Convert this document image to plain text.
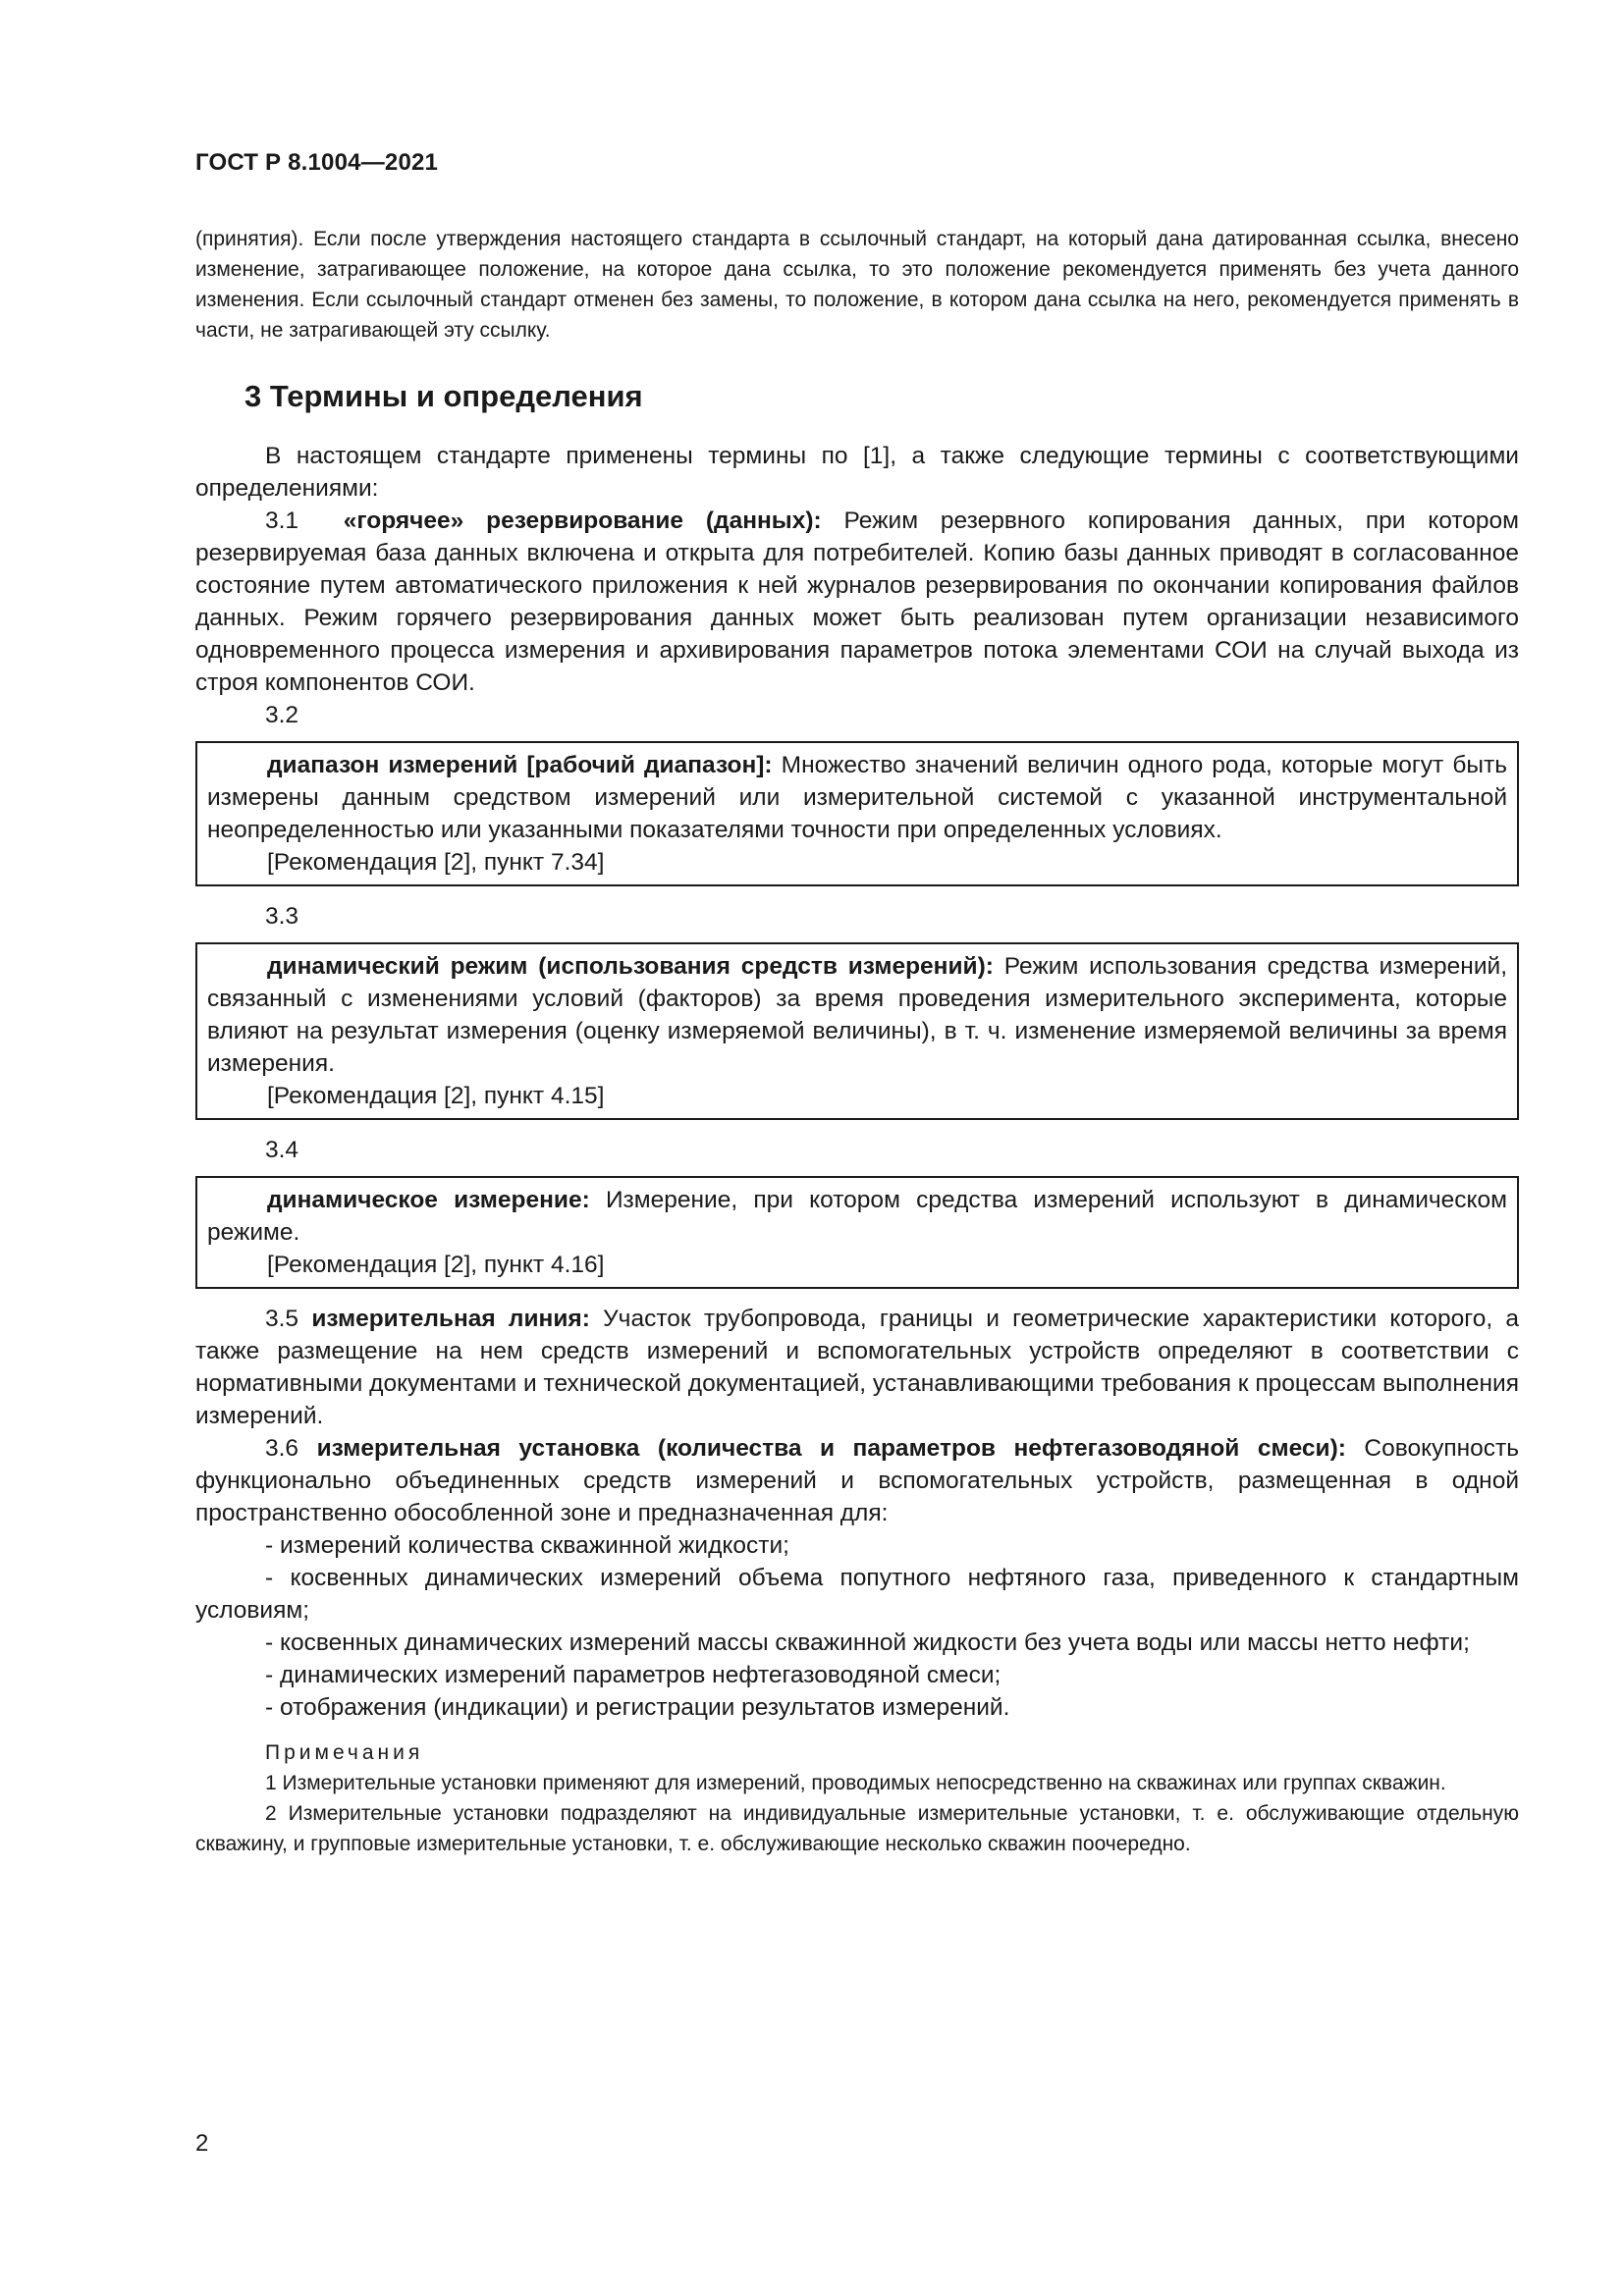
ГОСТ Р 8.1004—2021

(принятия). Если после утверждения настоящего стандарта в ссылочный стандарт, на который дана датированная ссылка, внесено изменение, затрагивающее положение, на которое дана ссылка, то это положение рекомендуется применять без учета данного изменения. Если ссылочный стандарт отменен без замены, то положение, в котором дана ссылка на него, рекомендуется применять в части, не затрагивающей эту ссылку.

3 Термины и определения

В настоящем стандарте применены термины по [1], а также следующие термины с соответствующими определениями:

3.1 «горячее» резервирование (данных): Режим резервного копирования данных, при котором резервируемая база данных включена и открыта для потребителей. Копию базы данных приводят в согласованное состояние путем автоматического приложения к ней журналов резервирования по окончании копирования файлов данных. Режим горячего резервирования данных может быть реализован путем организации независимого одновременного процесса измерения и архивирования параметров потока элементами СОИ на случай выхода из строя компонентов СОИ.

3.2

диапазон измерений [рабочий диапазон]: Множество значений величин одного рода, которые могут быть измерены данным средством измерений или измерительной системой с указанной инструментальной неопределенностью или указанными показателями точности при определенных условиях.

[Рекомендация [2], пункт 7.34]

3.3

динамический режим (использования средств измерений): Режим использования средства измерений, связанный с изменениями условий (факторов) за время проведения измерительного эксперимента, которые влияют на результат измерения (оценку измеряемой величины), в т. ч. изменение измеряемой величины за время измерения.

[Рекомендация [2], пункт 4.15]

3.4

динамическое измерение: Измерение, при котором средства измерений используют в динамическом режиме.

[Рекомендация [2], пункт 4.16]

3.5 измерительная линия: Участок трубопровода, границы и геометрические характеристики которого, а также размещение на нем средств измерений и вспомогательных устройств определяют в соответствии с нормативными документами и технической документацией, устанавливающими требования к процессам выполнения измерений.

3.6 измерительная установка (количества и параметров нефтегазоводяной смеси): Совокупность функционально объединенных средств измерений и вспомогательных устройств, размещенная в одной пространственно обособленной зоне и предназначенная для:

- измерений количества скважинной жидкости;

- косвенных динамических измерений объема попутного нефтяного газа, приведенного к стандартным условиям;

- косвенных динамических измерений массы скважинной жидкости без учета воды или массы нетто нефти;

- динамических измерений параметров нефтегазоводяной смеси;

- отображения (индикации) и регистрации результатов измерений.

Примечания

1 Измерительные установки применяют для измерений, проводимых непосредственно на скважинах или группах скважин.

2 Измерительные установки подразделяют на индивидуальные измерительные установки, т. е. обслуживающие отдельную скважину, и групповые измерительные установки, т. е. обслуживающие несколько скважин поочередно.

2
